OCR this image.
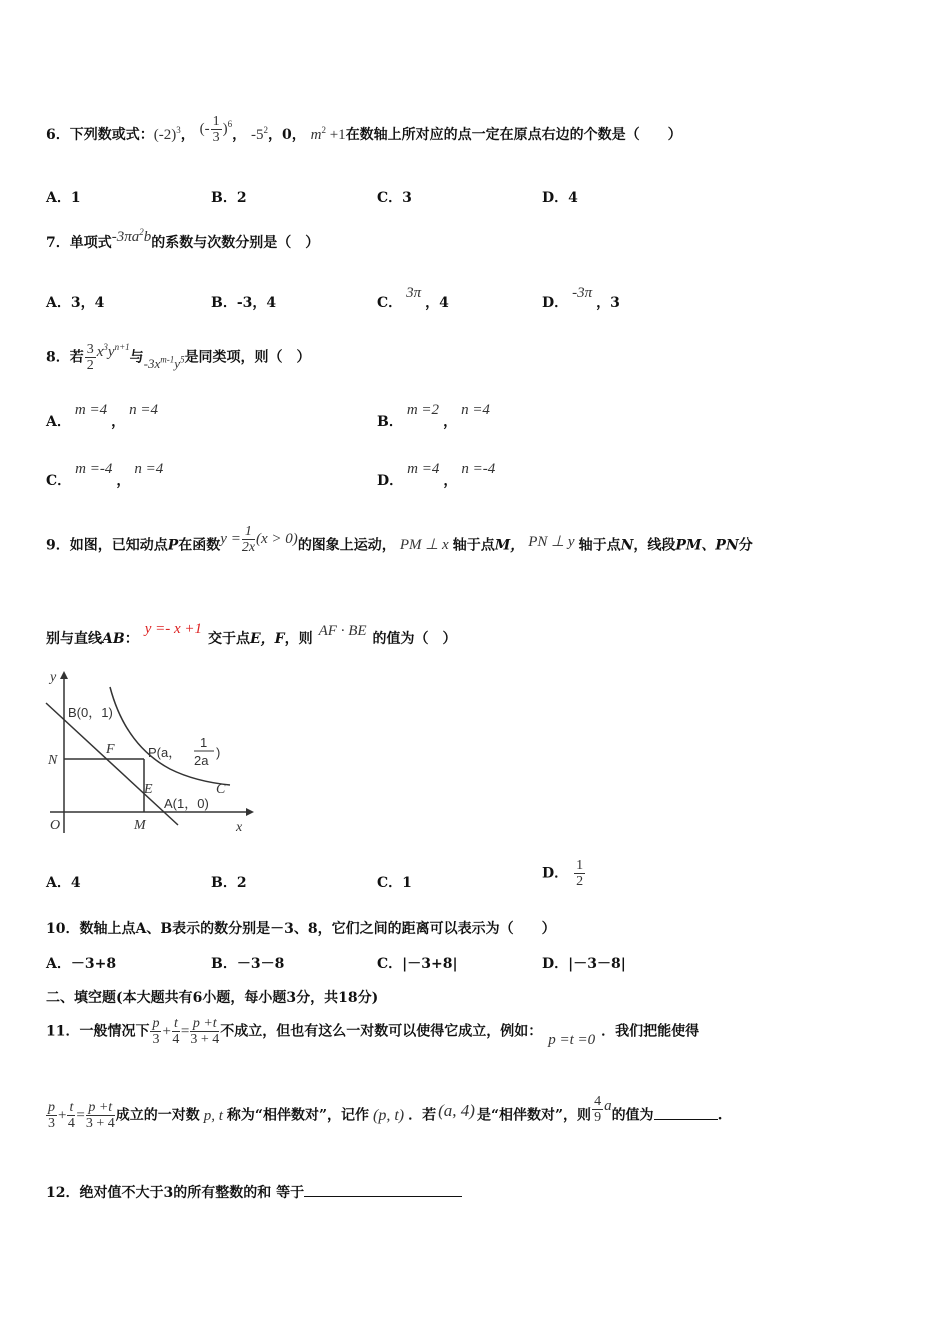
6．下列数或式：$(-2)^3$， (- $\frac{1}{3} )^6$， $-5^2$，0， $m^2 +1$在数轴上所对应的点一定在原点右边的个数是（　　）
A．1	B．2	C．3	D．4
7．单项式$-3\pi a^2b$的系数与次数分别是（　）
A．3，4	B．-3，4	C．3π，4	D．-3π，3
8．若 $\frac{3}{2} x^3y^{n+1}$与$-3x^{m-1}y^5$是同类项，则（　）
A．m =4，n =4
B．m =2，n =4
C．m =-4，n =4
D．m =4，n =-4
9．如图，已知动点P在函数$y = \frac{1}{2x}(x > 0)$的图象上运动， PM ⊥ x 轴于点M， PN ⊥ y 轴于点N，线段PM、PN分
别与直线AB：y =- x +1交于点E，F，则 AF · BE 的值为（　）
y
x
O
B(0，1)
N
F	P(a，
1
2a
)
C
E
A(1，0)
M
A．4	B．2	C．1
D． $\frac{1}{2}$
10．数轴上点A、B表示的数分别是－3、8，它们之间的距离可以表示为（　　）
A．－3+8	B．－3－8	C．|－3+8|	D．|－3－8|
二、填空题(本大题共有6小题，每小题3分，共18分)
11．一般情况下 $\frac{p}{3} + \frac{t}{4} = \frac{p +t}{3 + 4}$ 不成立，但也有这么一对数可以使得它成立，例如： p =t =0 ．我们把能使得
$\frac{p}{3} + \frac{t}{4} = \frac{p +t}{3 + 4}$ 成立的一对数 p, t 称为“相伴数对”，记作 (p, t) ．若 (a, 4) 是“相伴数对”，则 $\frac{4}{9}$ a的值为	.
12．绝对值不大于3的所有整数的和 等于
